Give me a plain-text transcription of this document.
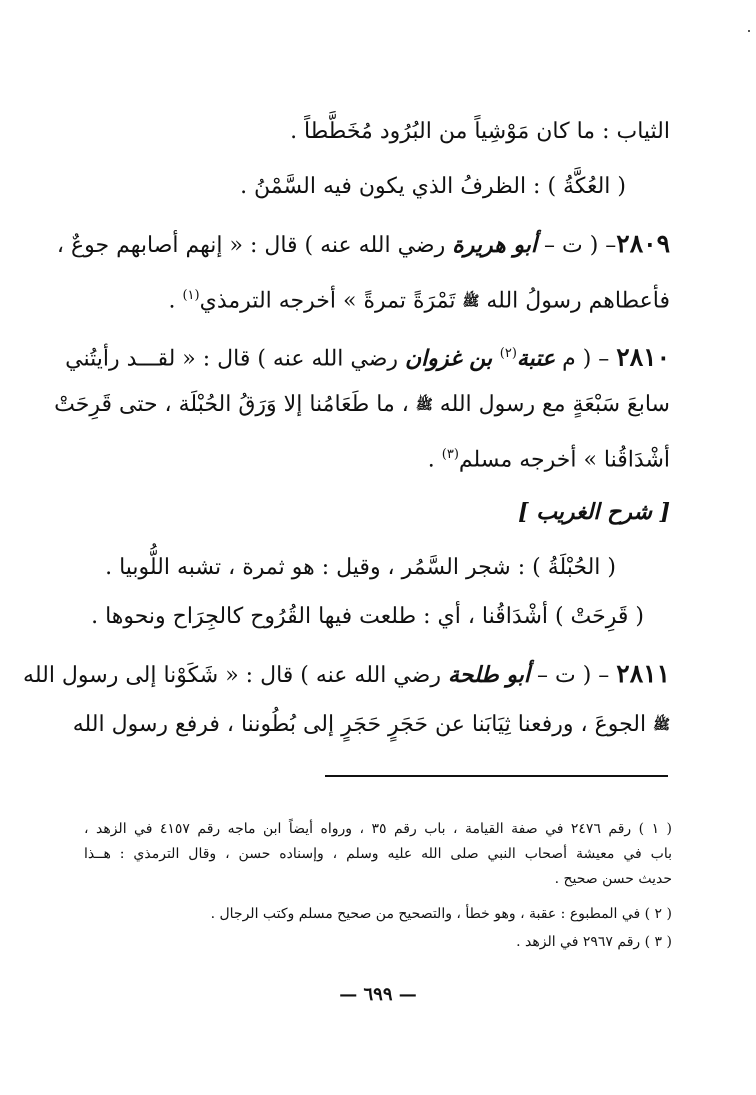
الثياب : ما كان مَوْشِياً من البُرُود مُخَطَّطاً .
( العُكَّةُ ) : الظرفُ الذي يكون فيه السَّمْنُ .
٢٨٠٩– ( ت – أبو هريرة رضي الله عنه ) قال : « إنهم أصابهم جوعٌ ،
فأعطاهم رسولُ الله ﷺ تَمْرَةً تمرةً » أخرجه الترمذي$^{(١)}$ .
٢٨١٠ – ( م عتبة$^{(٢)}$ بن غزوان رضي الله عنه ) قال : « لقـــد رأيتُني
سابعَ سَبْعَةٍ مع رسول الله ﷺ ، ما طَعَامُنا إلا وَرَقُ الحُبْلَة ، حتى قَرِحَتْ
أشْدَاقُنا » أخرجه مسلم$^{(٣)}$ .
[ شرح الغريب ]
( الحُبْلَةُ ) : شجر السَّمُر ، وقيل : هو ثمرة ، تشبه اللُّوبيا .
( قَرِحَتْ ) أشْدَاقُنا ، أي : طلعت فيها القُرُوح كالجِرَاح ونحوها .
٢٨١١ – ( ت – أبو طلحة رضي الله عنه ) قال : « شَكَوْنا إلى رسول الله
ﷺ الجوعَ ، ورفعنا ثِيَابَنا عن حَجَرٍ حَجَرٍ إلى بُطُوننا ، فرفع رسول الله
( ١ ) رقم ٢٤٧٦ في صفة القيامة ، باب رقم ٣٥ ، ورواه أيضاً ابن ماجه رقم ٤١٥٧ في الزهد ،
باب في معيشة أصحاب النبي صلى الله عليه وسلم ، وإسناده حسن ، وقال الترمذي : هــذا
حديث حسن صحيح .
( ٢ ) في المطبوع : عقبة ، وهو خطأ ، والتصحيح من صحيح مسلم وكتب الرجال .
( ٣ ) رقم ٢٩٦٧ في الزهد .
— ٦٩٩ —
